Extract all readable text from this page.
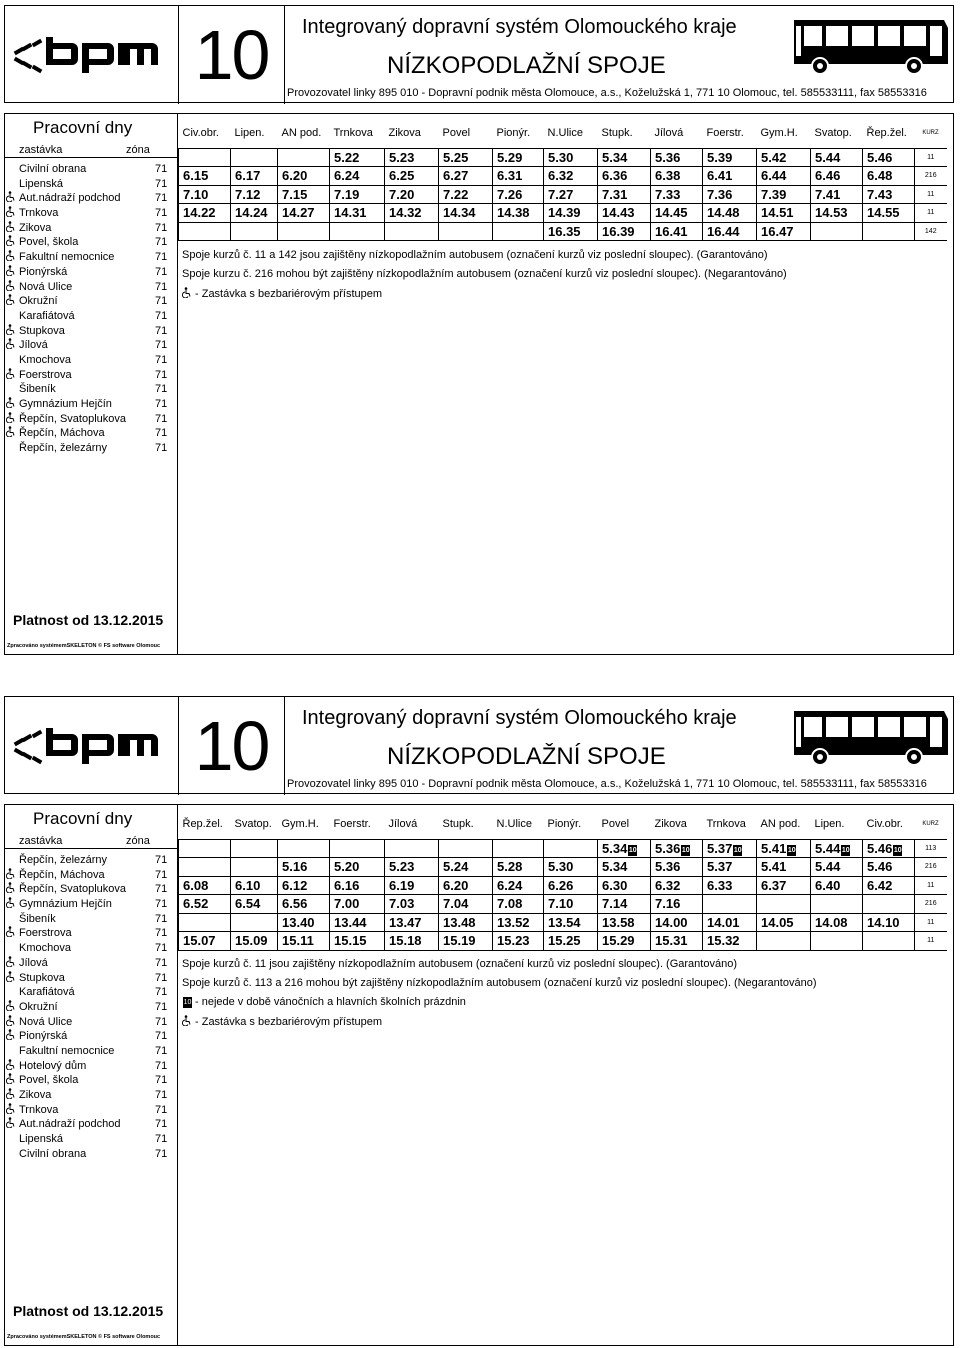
10	Integrovaný dopravní systém Olomouckého kraje
NÍZKOPODLAŽNÍ SPOJE
Provozovatel linky 895 010 - Dopravní podnik města Olomouce, a.s., Koželužská 1, 771 10 Olomouc, tel. 585533111, fax 58553316
Pracovní dny
zastávka	zóna
Civilní obrana	71
Lipenská	71
Aut.nádraží podchod	71
Trnkova	71
Zikova	71
Povel, škola	71
Fakultní nemocnice	71
Pionýrská	71
Nová Ulice	71
Okružní	71
Karafiátová	71
Stupkova	71
Jílová	71
Kmochova	71
Foerstrova	71
Šibeník	71
Gymnázium Hejčín	71
Řepčín, Svatoplukova	71
Řepčín, Máchova	71
Řepčín, železárny	71
Platnost od 13.12.2015
Zpracováno systémemSKELETON © FS software Olomouc
Civ.obr.	Lipen.	AN pod.	Trnkova	Zikova	Povel	Pionýr.	N.Ulice	Stupk.	Jílová	Foerstr.	Gym.H.	Svatop.	Řep.žel.	KURZ

			5.22	5.23	5.25	5.29	5.30	5.34	5.36	5.39	5.42	5.44	5.46	11
6.15	6.17	6.20	6.24	6.25	6.27	6.31	6.32	6.36	6.38	6.41	6.44	6.46	6.48	216
7.10	7.12	7.15	7.19	7.20	7.22	7.26	7.27	7.31	7.33	7.36	7.39	7.41	7.43	11
14.22	14.24	14.27	14.31	14.32	14.34	14.38	14.39	14.43	14.45	14.48	14.51	14.53	14.55	11
							16.35	16.39	16.41	16.44	16.47			142
Spoje kurzů č. 11 a 142 jsou zajištěny nízkopodlažním autobusem (označení kurzů viz poslední sloupec). (Garantováno)
Spoje kurzu č. 216 mohou být zajištěny nízkopodlažním autobusem (označení kurzů viz poslední sloupec). (Negarantováno)
- Zastávka s bezbariérovým přístupem
10	Integrovaný dopravní systém Olomouckého kraje
NÍZKOPODLAŽNÍ SPOJE
Provozovatel linky 895 010 - Dopravní podnik města Olomouce, a.s., Koželužská 1, 771 10 Olomouc, tel. 585533111, fax 58553316
Pracovní dny
zastávka	zóna
Řepčín, železárny	71
Řepčín, Máchova	71
Řepčín, Svatoplukova	71
Gymnázium Hejčín	71
Šibeník	71
Foerstrova	71
Kmochova	71
Jílová	71
Stupkova	71
Karafiátová	71
Okružní	71
Nová Ulice	71
Pionýrská	71
Fakultní nemocnice	71
Hotelový dům	71
Povel, škola	71
Zikova	71
Trnkova	71
Aut.nádraží podchod	71
Lipenská	71
Civilní obrana	71
Platnost od 13.12.2015
Zpracováno systémemSKELETON © FS software Olomouc
Řep.žel.	Svatop.	Gym.H.	Foerstr.	Jílová	Stupk.	N.Ulice	Pionýr.	Povel	Zikova	Trnkova	AN pod.	Lipen.	Civ.obr.	KURZ

								5.34 10	5.36 10	5.37 10	5.41 10	5.44 10	5.46 10	113
		5.16	5.20	5.23	5.24	5.28	5.30	5.34	5.36	5.37	5.41	5.44	5.46	216
6.08	6.10	6.12	6.16	6.19	6.20	6.24	6.26	6.30	6.32	6.33	6.37	6.40	6.42	11
6.52	6.54	6.56	7.00	7.03	7.04	7.08	7.10	7.14	7.16					216
		13.40	13.44	13.47	13.48	13.52	13.54	13.58	14.00	14.01	14.05	14.08	14.10	11
15.07	15.09	15.11	15.15	15.18	15.19	15.23	15.25	15.29	15.31	15.32				11
Spoje kurzů č. 11 jsou zajištěny nízkopodlažním autobusem (označení kurzů viz poslední sloupec). (Garantováno)
Spoje kurzů č. 113 a 216 mohou být zajištěny nízkopodlažním autobusem (označení kurzů viz poslední sloupec). (Negarantováno)
10 - nejede v době vánočních a hlavních školních prázdnin
- Zastávka s bezbariérovým přístupem
